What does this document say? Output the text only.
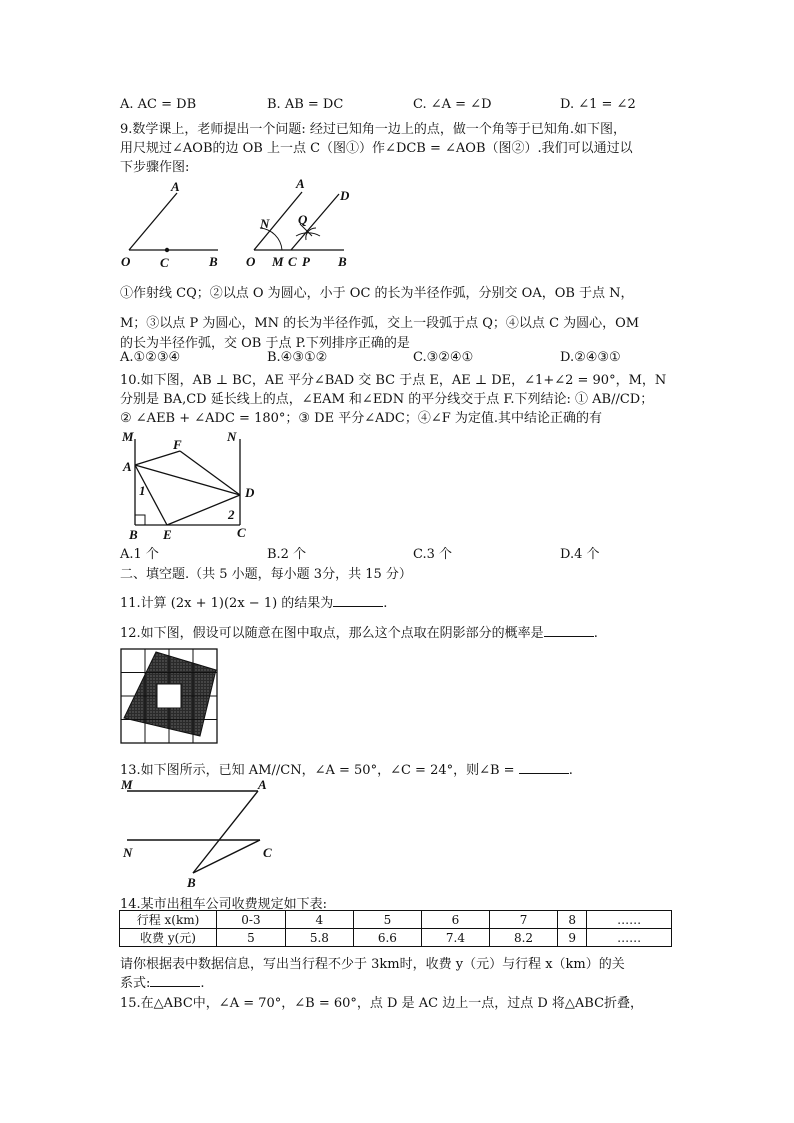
A. AC = DB	B. AB = DC	C. ∠A = ∠D	D. ∠1 = ∠2
9.数学课上，老师提出一个问题: 经过已知角一边上的点，做一个角等于已知角.如下图，
用尺规过∠AOB的边 OB 上一点 C（图①）作∠DCB = ∠AOB（图②）.我们可以通过以
下步骤作图:
A
O C	B
A
D
N Q
O M C P B
①作射线 CQ；②以点 O 为圆心，小于 OC 的长为半径作弧，分别交 OA，OB 于点 N，
M；③以点 P 为圆心，MN 的长为半径作弧，交上一段弧于点 Q；④以点 C 为圆心，OM
的长为半径作弧，交 OB 于点 P.下列排序正确的是
A.①②③④	B.④③①②	C.③②④①	D.②④③①
10.如下图，AB ⊥ BC，AE 平分∠BAD 交 BC 于点 E，AE ⊥ DE，∠1+∠2 = 90°，M，N
分别是 BA,CD 延长线上的点，∠EAM 和∠EDN 的平分线交于点 F.下列结论: ① AB//CD；
② ∠AEB + ∠ADC = 180°；③ DE 平分∠ADC；④∠F 为定值.其中结论正确的有
M	N
F
A
1	D
2
B E	C
A.1 个	B.2 个	C.3 个	D.4 个
二、填空题.（共 5 小题，每小题 3分，共 15 分）
11.计算 (2x + 1)(2x − 1) 的结果为	.
12.如下图，假设可以随意在图中取点，那么这个点取在阴影部分的概率是	.
13.如下图所示，已知 AM//CN，∠A = 50°，∠C = 24°，则∠B =	.
M	A
N	C
B
14.某市出租车公司收费规定如下表:
行程 x(km)	0-3	4	5	6	7	8	……
收费 y(元)	5	5.8	6.6	7.4	8.2	9	……
请你根据表中数据信息，写出当行程不少于 3km时，收费 y（元）与行程 x（km）的关
系式:	.
15.在△ABC中，∠A = 70°，∠B = 60°，点 D 是 AC 边上一点，过点 D 将△ABC折叠，
